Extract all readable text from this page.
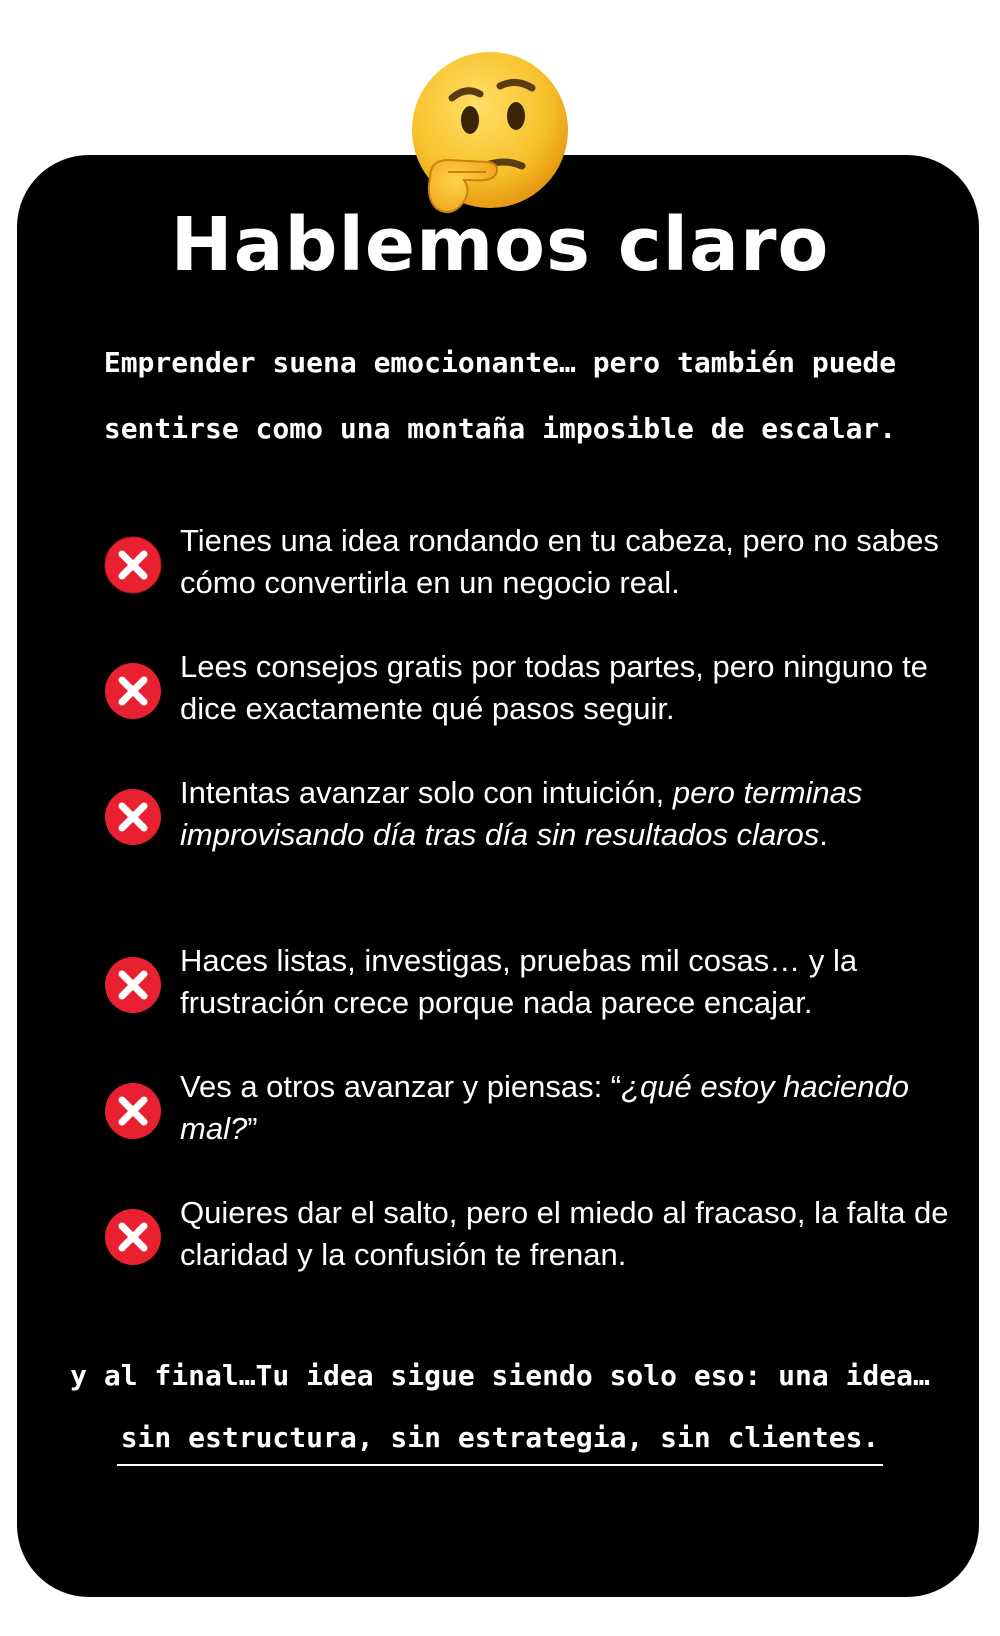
Hablemos claro

Emprender suena emocionante… pero también puede
sentirse como una montaña imposible de escalar.

Tienes una idea rondando en tu cabeza, pero no sabes cómo convertirla en un negocio real.
Lees consejos gratis por todas partes, pero ninguno te dice exactamente qué pasos seguir.
Intentas avanzar solo con intuición, pero terminas improvisando día tras día sin resultados claros.
Haces listas, investigas, pruebas mil cosas… y la frustración crece porque nada parece encajar.
Ves a otros avanzar y piensas: “¿qué estoy haciendo mal?”
Quieres dar el salto, pero el miedo al fracaso, la falta de claridad y la confusión te frenan.

y al final…Tu idea sigue siendo solo eso: una idea…
sin estructura, sin estrategia, sin clientes.
